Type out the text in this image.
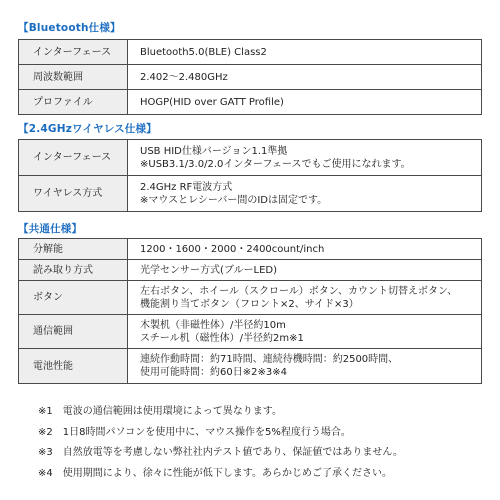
【Bluetooth仕様】
インターフェース	Bluetooth5.0(BLE) Class2

周波数範囲	2.402～2.480GHz

プロファイル	HOGP(HID over GATT Profile)
【2.4GHzワイヤレス仕様】
インターフェース	USB HID仕様バージョン1.1準拠
※USB3.1/3.0/2.0インターフェースでもご使用になれます。

ワイヤレス方式	2.4GHz RF電波方式
※マウスとレシーバー間のIDは固定です。
【共通仕様】
分解能	1200・1600・2000・2400count/inch

読み取り方式	光学センサー方式(ブルーLED)

ボタン	左右ボタン、ホイール（スクロール）ボタン、カウント切替えボタン、
機能割り当てボタン（フロント×2、サイド×3）

通信範囲	木製机（非磁性体）/半径約10m
スチール机（磁性体）/半径約2m※1

電池性能	連続作動時間：約71時間、連続待機時間：約2500時間、
使用可能時間：約60日※2※3※4
※1　電波の通信範囲は使用環境によって異なります。
※2　1日8時間パソコンを使用中に、マウス操作を5%程度行う場合。
※3　自然放電等を考慮しない弊社社内テスト値であり、保証値ではありません。
※4　使用期間により、徐々に性能が低下します。あらかじめご了承ください。
